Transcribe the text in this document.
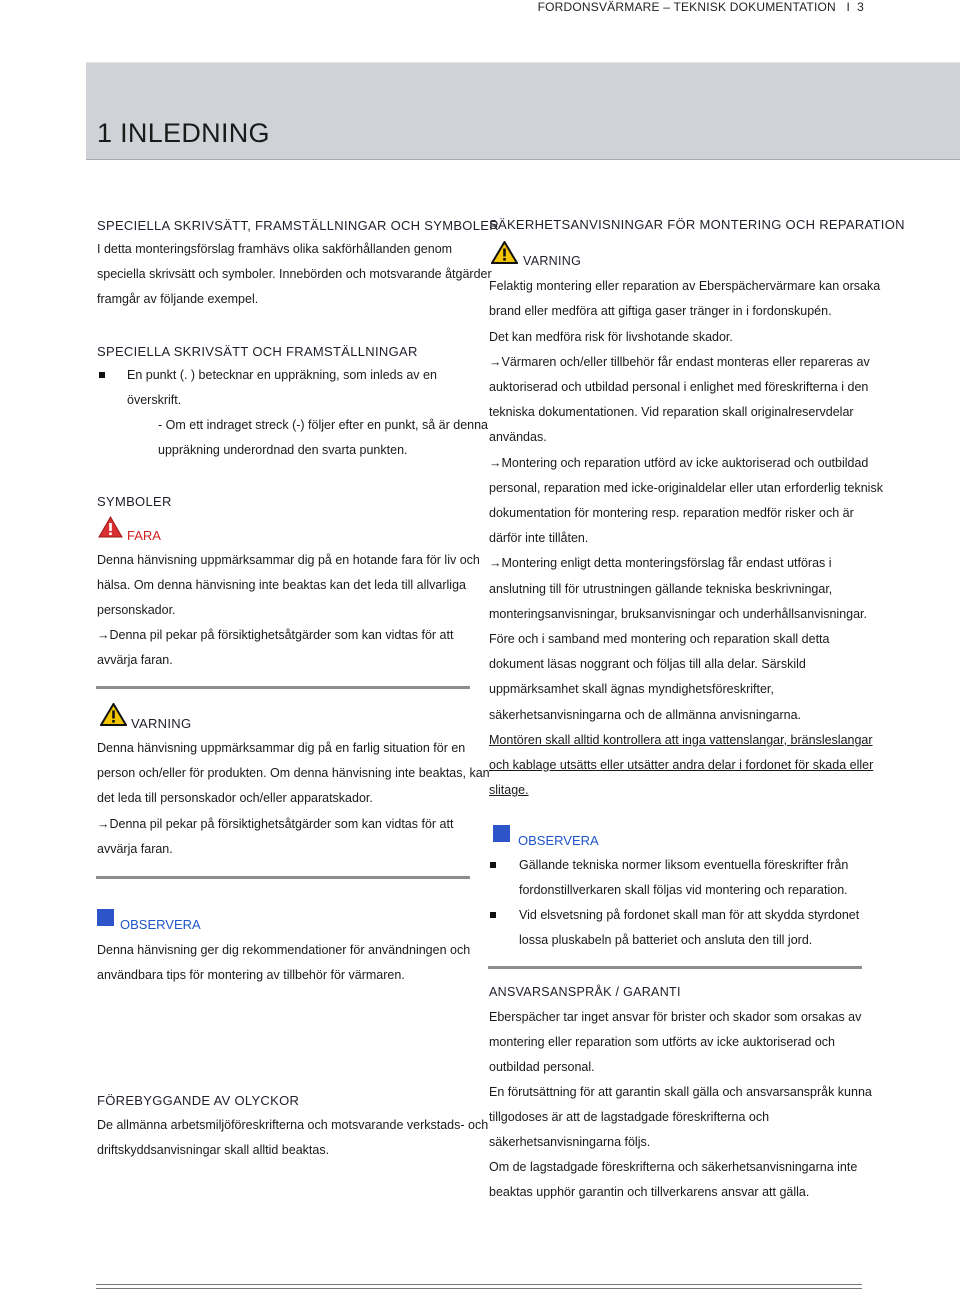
FORDONSVÄRMARE – TEKNISK DOKUMENTATION I 3
1 INLEDNING
SPECIELLA SKRIVSÄTT, FRAMSTÄLLNINGAR OCH SYMBOLER
I detta monteringsförslag framhävs olika sakförhållanden genom
speciella skrivsätt och symboler. Innebörden och motsvarande åtgärder
framgår av följande exempel.
SPECIELLA SKRIVSÄTT OCH FRAMSTÄLLNINGAR
En punkt (. ) betecknar en uppräkning, som inleds av en
överskrift.
- Om ett indraget streck (-) följer efter en punkt, så är denna
uppräkning underordnad den svarta punkten.
SYMBOLER
FARA
Denna hänvisning uppmärksammar dig på en hotande fara för liv och
hälsa. Om denna hänvisning inte beaktas kan det leda till allvarliga
personskador.
→Denna pil pekar på försiktighetsåtgärder som kan vidtas för att
avvärja faran.
VARNING
Denna hänvisning uppmärksammar dig på en farlig situation för en
person och/eller för produkten. Om denna hänvisning inte beaktas, kan
det leda till personskador och/eller apparatskador.
→Denna pil pekar på försiktighetsåtgärder som kan vidtas för att
avvärja faran.
OBSERVERA
Denna hänvisning ger dig rekommendationer för användningen och
användbara tips för montering av tillbehör för värmaren.
FÖREBYGGANDE AV OLYCKOR
De allmänna arbetsmiljöföreskrifterna och motsvarande verkstads- och
driftskyddsanvisningar skall alltid beaktas.
SÄKERHETSANVISNINGAR FÖR MONTERING OCH REPARATION
VARNING
Felaktig montering eller reparation av Eberspächervärmare kan orsaka
brand eller medföra att giftiga gaser tränger in i fordonskupén.
Det kan medföra risk för livshotande skador.
→Värmaren och/eller tillbehör får endast monteras eller repareras av
auktoriserad och utbildad personal i enlighet med föreskrifterna i den
tekniska dokumentationen. Vid reparation skall originalreservdelar
användas.
→Montering och reparation utförd av icke auktoriserad och outbildad
personal, reparation med icke-originaldelar eller utan erforderlig teknisk
dokumentation för montering resp. reparation medför risker och är
därför inte tillåten.
→Montering enligt detta monteringsförslag får endast utföras i
anslutning till för utrustningen gällande tekniska beskrivningar,
monteringsanvisningar, bruksanvisningar och underhållsanvisningar.
Före och i samband med montering och reparation skall detta
dokument läsas noggrant och följas till alla delar. Särskild
uppmärksamhet skall ägnas myndighetsföreskrifter,
säkerhetsanvisningarna och de allmänna anvisningarna.
Montören skall alltid kontrollera att inga vattenslangar, bränsleslangar
och kablage utsätts eller utsätter andra delar i fordonet för skada eller
slitage.
OBSERVERA
Gällande tekniska normer liksom eventuella föreskrifter från
fordonstillverkaren skall följas vid montering och reparation.
Vid elsvetsning på fordonet skall man för att skydda styrdonet
lossa pluskabeln på batteriet och ansluta den till jord.
ANSVARSANSPRÅK / GARANTI
Eberspächer tar inget ansvar för brister och skador som orsakas av
montering eller reparation som utförts av icke auktoriserad och
outbildad personal.
En förutsättning för att garantin skall gälla och ansvarsanspråk kunna
tillgodoses är att de lagstadgade föreskrifterna och
säkerhetsanvisningarna följs.
Om de lagstadgade föreskrifterna och säkerhetsanvisningarna inte
beaktas upphör garantin och tillverkarens ansvar att gälla.
